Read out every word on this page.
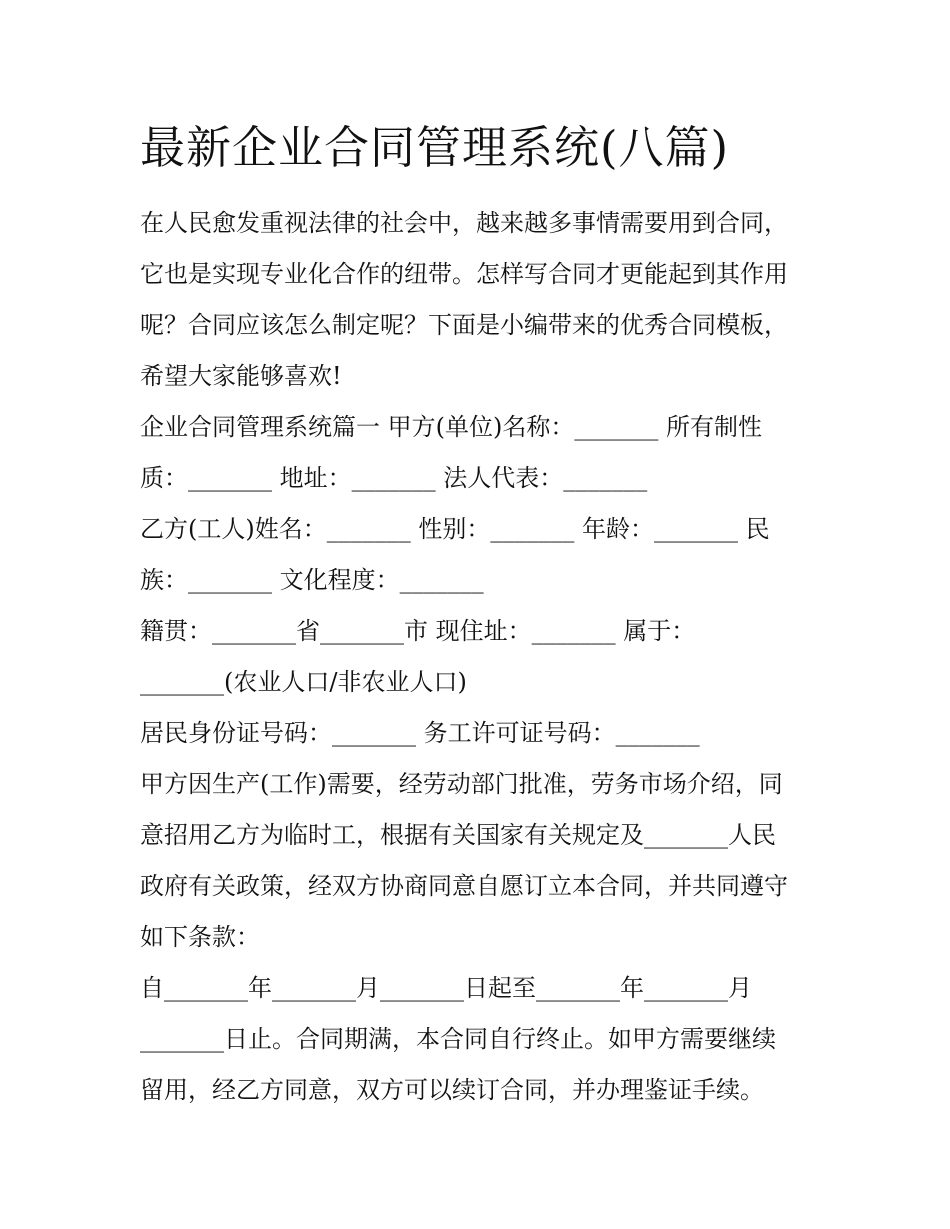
最新企业合同管理系统(八篇)
在人民愈发重视法律的社会中，越来越多事情需要用到合同，
它也是实现专业化合作的纽带。怎样写合同才更能起到其作用
呢？合同应该怎么制定呢？下面是小编带来的优秀合同模板，
希望大家能够喜欢!
企业合同管理系统篇一 甲方(单位)名称：_______ 所有制性
质：_______ 地址：_______ 法人代表：_______
乙方(工人)姓名：_______ 性别：_______ 年龄：_______ 民
族：_______ 文化程度：_______
籍贯：_______省_______市 现住址：_______ 属于：
_______(农业人口/非农业人口)
居民身份证号码：_______ 务工许可证号码：_______
甲方因生产(工作)需要，经劳动部门批准，劳务市场介绍，同
意招用乙方为临时工，根据有关国家有关规定及_______人民
政府有关政策，经双方协商同意自愿订立本合同，并共同遵守
如下条款：
自_______年_______月_______日起至_______年_______月
_______日止。合同期满，本合同自行终止。如甲方需要继续
留用，经乙方同意，双方可以续订合同，并办理鉴证手续。
